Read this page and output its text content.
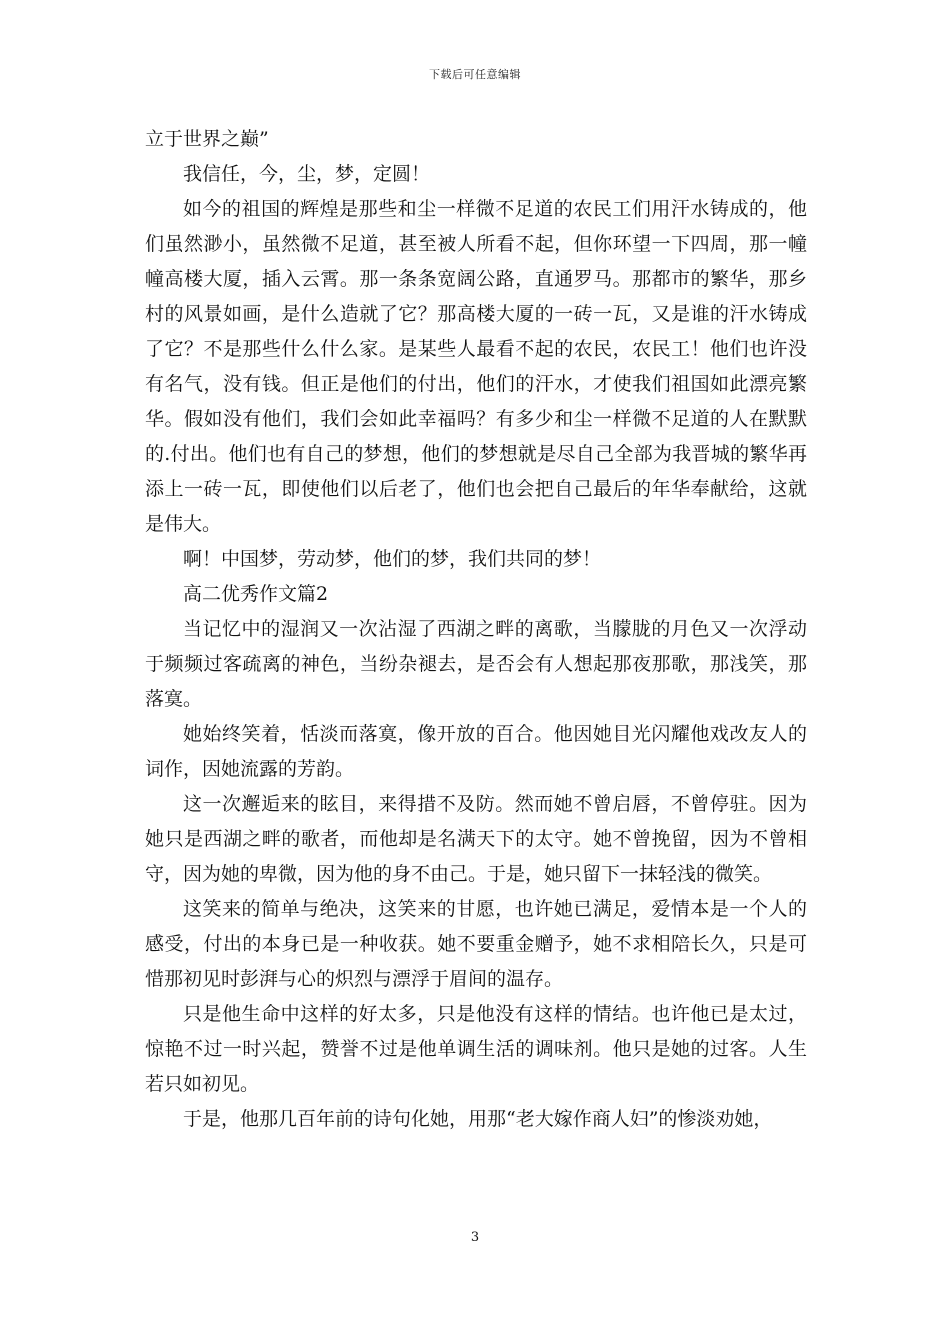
下载后可任意编辑

立于世界之巅”

我信任，今，尘，梦，定圆！

如今的祖国的辉煌是那些和尘一样微不足道的农民工们用汗水铸成的，他们虽然渺小，虽然微不足道，甚至被人所看不起，但你环望一下四周，那一幢幢高楼大厦，插入云霄。那一条条宽阔公路，直通罗马。那都市的繁华，那乡村的风景如画，是什么造就了它？那高楼大厦的一砖一瓦，又是谁的汗水铸成了它？不是那些什么什么家。是某些人最看不起的农民，农民工！他们也许没有名气，没有钱。但正是他们的付出，他们的汗水，才使我们祖国如此漂亮繁华。假如没有他们，我们会如此幸福吗？有多少和尘一样微不足道的人在默默的.付出。他们也有自己的梦想，他们的梦想就是尽自己全部为我晋城的繁华再添上一砖一瓦，即使他们以后老了，他们也会把自己最后的年华奉献给，这就是伟大。

啊！中国梦，劳动梦，他们的梦，我们共同的梦！

高二优秀作文篇2

当记忆中的湿润又一次沾湿了西湖之畔的离歌，当朦胧的月色又一次浮动于频频过客疏离的神色，当纷杂褪去，是否会有人想起那夜那歌，那浅笑，那落寞。

她始终笑着，恬淡而落寞，像开放的百合。他因她目光闪耀他戏改友人的词作，因她流露的芳韵。

这一次邂逅来的眩目，来得措不及防。然而她不曾启唇，不曾停驻。因为她只是西湖之畔的歌者，而他却是名满天下的太守。她不曾挽留，因为不曾相守，因为她的卑微，因为他的身不由己。于是，她只留下一抹轻浅的微笑。

这笑来的简单与绝决，这笑来的甘愿，也许她已满足，爱情本是一个人的感受，付出的本身已是一种收获。她不要重金赠予，她不求相陪长久，只是可惜那初见时彭湃与心的炽烈与漂浮于眉间的温存。

只是他生命中这样的好太多，只是他没有这样的情结。也许他已是太过，惊艳不过一时兴起，赞誉不过是他单调生活的调味剂。他只是她的过客。人生若只如初见。

于是，他那几百年前的诗句化她，用那“老大嫁作商人妇”的惨淡劝她，

3
